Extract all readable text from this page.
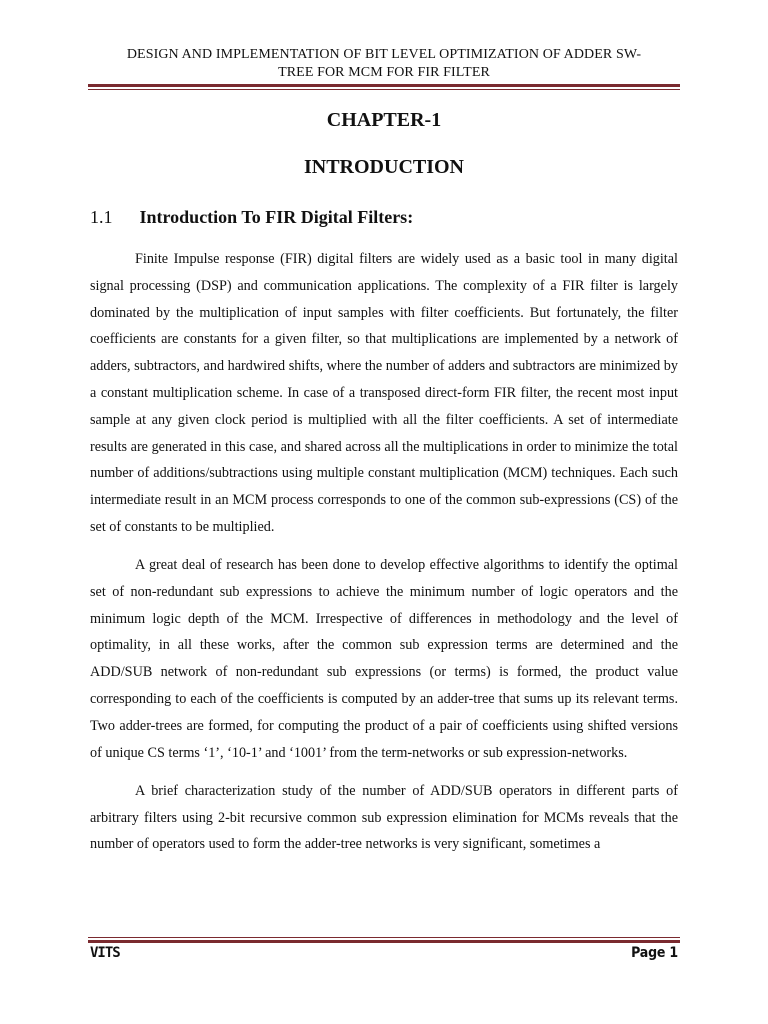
DESIGN AND IMPLEMENTATION OF BIT LEVEL OPTIMIZATION OF ADDER SW-
TREE FOR MCM FOR FIR FILTER
CHAPTER-1
INTRODUCTION
1.1 Introduction To FIR Digital Filters:

Finite Impulse response (FIR) digital filters are widely used as a basic tool in many digital signal processing (DSP) and communication applications. The complexity of a FIR filter is largely dominated by the multiplication of input samples with filter coefficients. But fortunately, the filter coefficients are constants for a given filter, so that multiplications are implemented by a network of adders, subtractors, and hardwired shifts, where the number of adders and subtractors are minimized by a constant multiplication scheme. In case of a transposed direct-form FIR filter, the recent most input sample at any given clock period is multiplied with all the filter coefficients. A set of intermediate results are generated in this case, and shared across all the multiplications in order to minimize the total number of additions/subtractions using multiple constant multiplication (MCM) techniques. Each such intermediate result in an MCM process corresponds to one of the common sub-expressions (CS) of the set of constants to be multiplied.

A great deal of research has been done to develop effective algorithms to identify the optimal set of non-redundant sub expressions to achieve the minimum number of logic operators and the minimum logic depth of the MCM. Irrespective of differences in methodology and the level of optimality, in all these works, after the common sub expression terms are determined and the ADD/SUB network of non-redundant sub expressions (or terms) is formed, the product value corresponding to each of the coefficients is computed by an adder-tree that sums up its relevant terms. Two adder-trees are formed, for computing the product of a pair of coefficients using shifted versions of unique CS terms ‘1’, ‘10-1’ and ‘1001’ from the term-networks or sub expression-networks.

A brief characterization study of the number of ADD/SUB operators in different parts of arbitrary filters using 2-bit recursive common sub expression elimination for MCMs reveals that the number of operators used to form the adder-tree networks is very significant, sometimes a

VITS	Page 1
